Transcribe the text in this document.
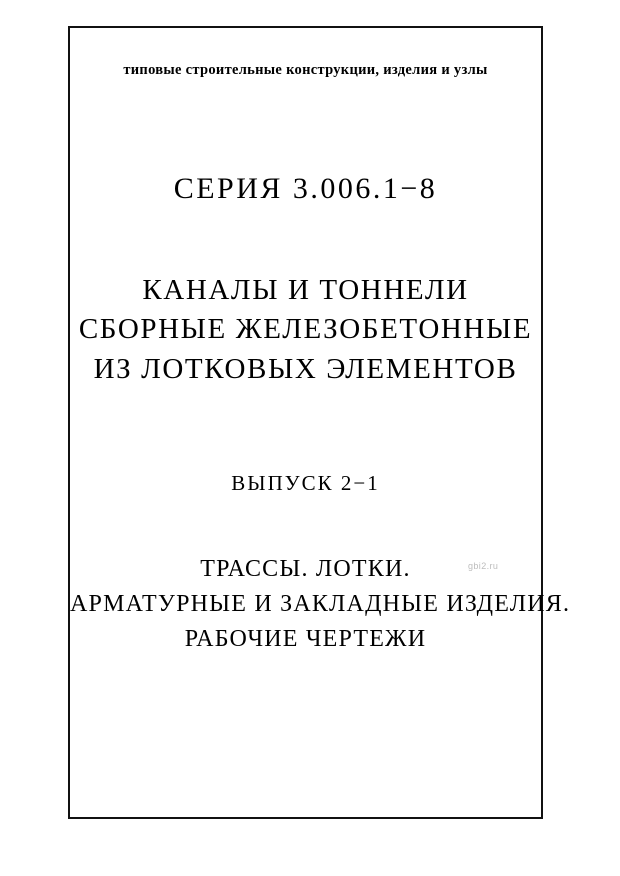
типовые строительные конструкции, изделия и узлы
СЕРИЯ 3.006.1−8
КАНАЛЫ И ТОННЕЛИ
СБОРНЫЕ ЖЕЛЕЗОБЕТОННЫЕ
ИЗ ЛОТКОВЫХ ЭЛЕМЕНТОВ
ВЫПУСК 2−1
ТРАССЫ. ЛОТКИ.
АРМАТУРНЫЕ И ЗАКЛАДНЫЕ ИЗДЕЛИЯ.
РАБОЧИЕ ЧЕРТЕЖИ
gbi2.ru
